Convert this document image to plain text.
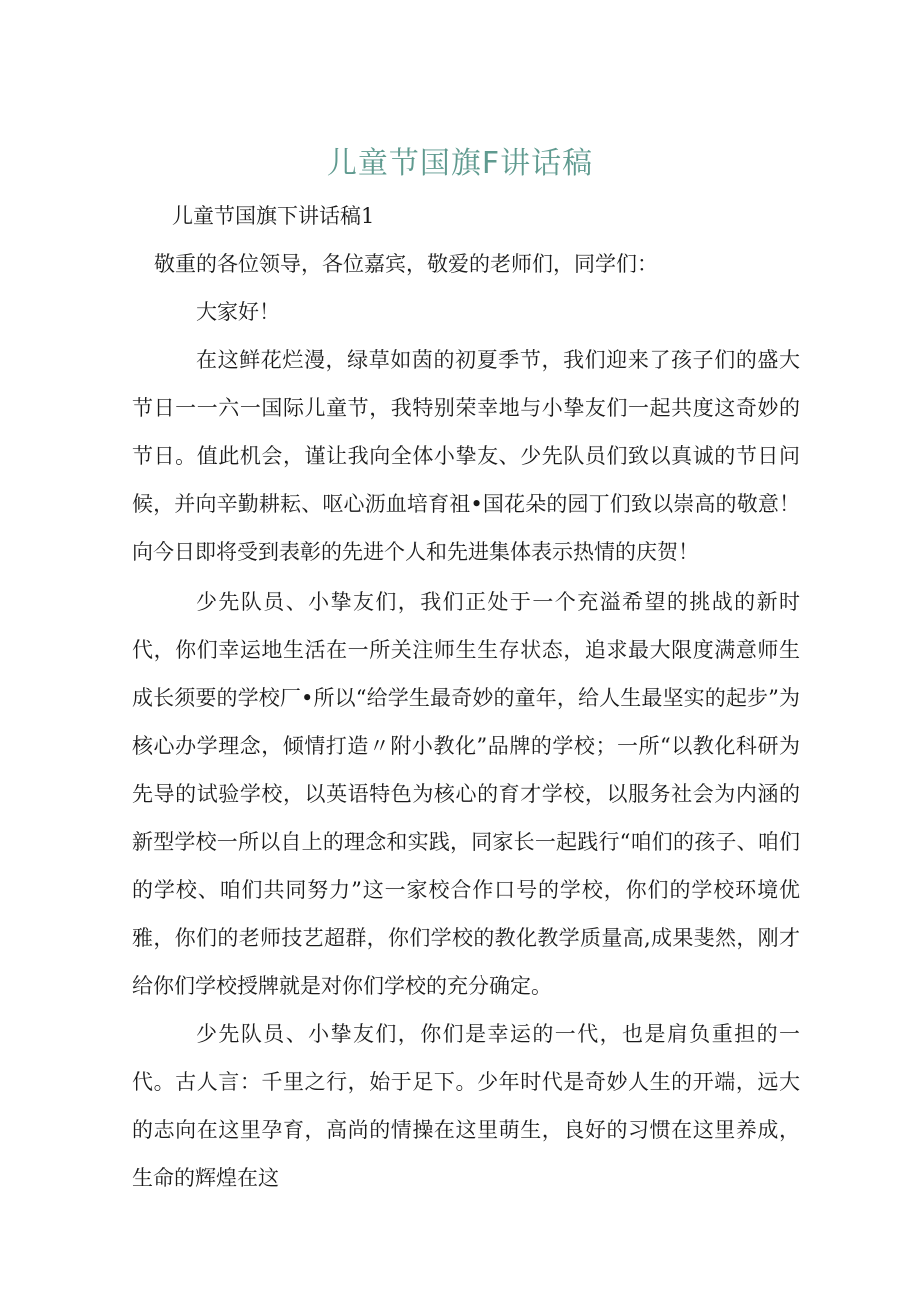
儿童节国旗F讲话稿
儿童节国旗下讲话稿1
敬重的各位领导，各位嘉宾，敬爱的老师们，同学们：
大家好！

在这鲜花烂漫，绿草如茵的初夏季节，我们迎来了孩子们的盛大节日一一六一国际儿童节，我特别荣幸地与小挚友们一起共度这奇妙的节日。值此机会，谨让我向全体小挚友、少先队员们致以真诚的节日问候，并向辛勤耕耘、呕心沥血培育祖•国花朵的园丁们致以崇高的敬意！向今日即将受到表彰的先进个人和先进集体表示热情的庆贺！

少先队员、小挚友们，我们正处于一个充溢希望的挑战的新时代，你们幸运地生活在一所关注师生生存状态，追求最大限度满意师生成长须要的学校厂•所以“给学生最奇妙的童年，给人生最坚实的起步”为核心办学理念，倾情打造〃附小教化”品牌的学校；一所“以教化科研为先导的试验学校，以英语特色为核心的育才学校，以服务社会为内涵的新型学校一所以自上的理念和实践，同家长一起践行“咱们的孩子、咱们的学校、咱们共同努力”这一家校合作口号的学校，你们的学校环境优雅，你们的老师技艺超群，你们学校的教化教学质量高,成果斐然，刚才给你们学校授牌就是对你们学校的充分确定。

少先队员、小挚友们，你们是幸运的一代，也是肩负重担的一代。古人言：千里之行，始于足下。少年时代是奇妙人生的开端，远大的志向在这里孕育，高尚的情操在这里萌生，良好的习惯在这里养成，生命的辉煌在这
